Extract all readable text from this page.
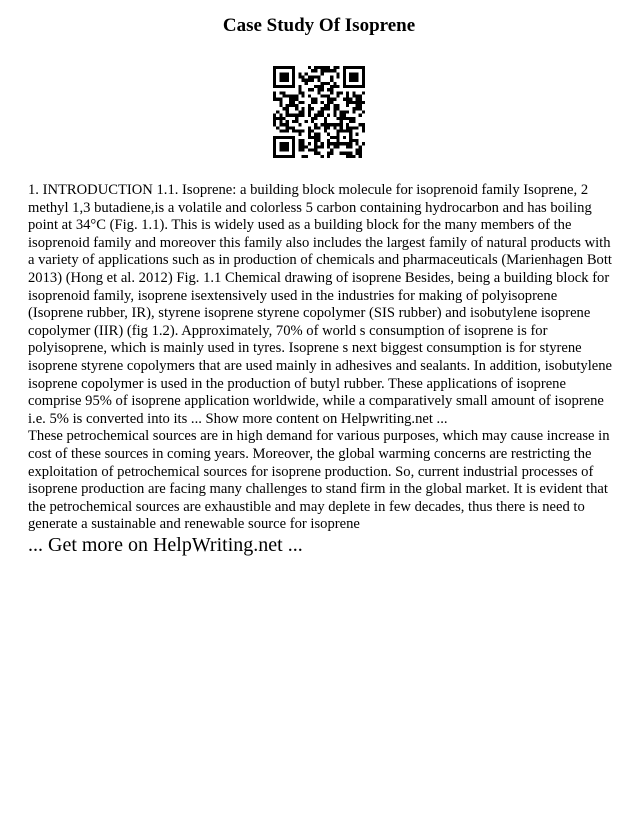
Case Study Of Isoprene

1. INTRODUCTION 1.1. Isoprene: a building block molecule for isoprenoid family Isoprene, 2 methyl 1,3 butadiene,is a volatile and colorless 5 carbon containing hydrocarbon and has boiling point at 34°C (Fig. 1.1). This is widely used as a building block for the many members of the isoprenoid family and moreover this family also includes the largest family of natural products with a variety of applications such as in production of chemicals and pharmaceuticals (Marienhagen Bott 2013) (Hong et al. 2012) Fig. 1.1 Chemical drawing of isoprene Besides, being a building block for isoprenoid family, isoprene isextensively used in the industries for making of polyisoprene (Isoprene rubber, IR), styrene isoprene styrene copolymer (SIS rubber) and isobutylene isoprene copolymer (IIR) (fig 1.2). Approximately, 70% of world s consumption of isoprene is for polyisoprene, which is mainly used in tyres. Isoprene s next biggest consumption is for styrene isoprene styrene copolymers that are used mainly in adhesives and sealants. In addition, isobutylene isoprene copolymer is used in the production of butyl rubber. These applications of isoprene comprise 95% of isoprene application worldwide, while a comparatively small amount of isoprene i.e. 5% is converted into its ... Show more content on Helpwriting.net ...

These petrochemical sources are in high demand for various purposes, which may cause increase in cost of these sources in coming years. Moreover, the global warming concerns are restricting the exploitation of petrochemical sources for isoprene production. So, current industrial processes of isoprene production are facing many challenges to stand firm in the global market. It is evident that the petrochemical sources are exhaustible and may deplete in few decades, thus there is need to generate a sustainable and renewable source for isoprene

... Get more on HelpWriting.net ...
